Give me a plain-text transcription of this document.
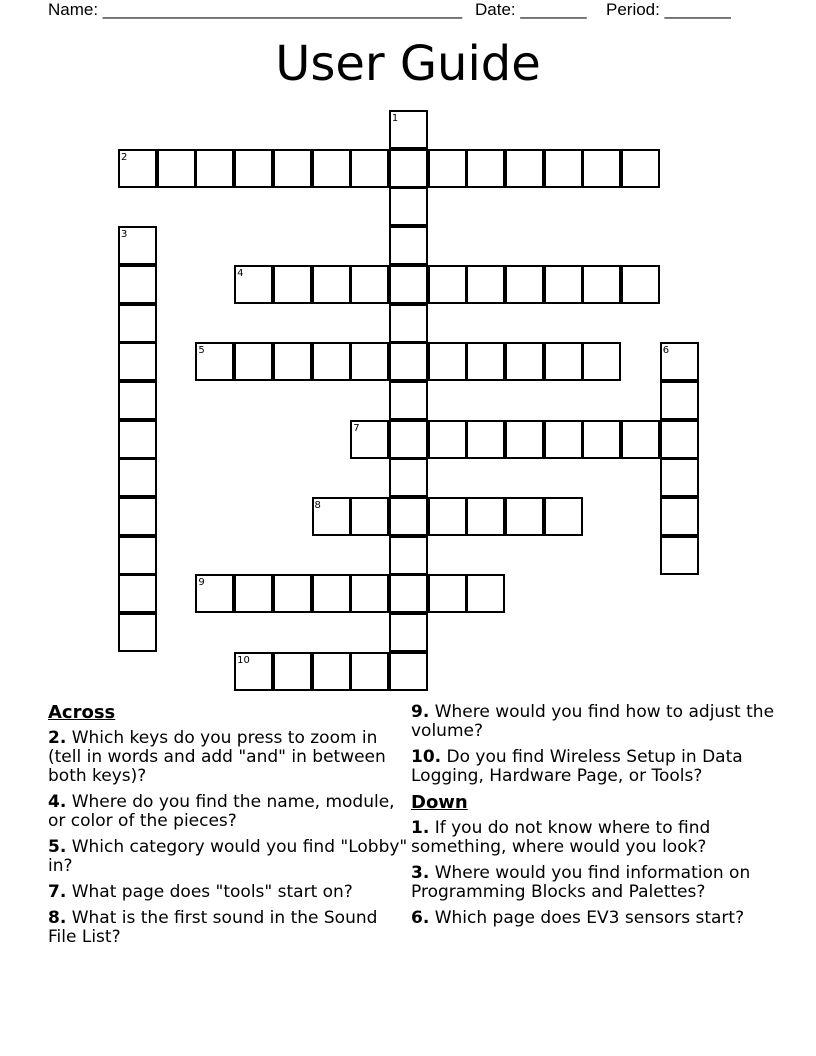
Name: ______________________________________ Date: _______ Period: _______
User Guide
2
4
5
7
8
9
10
1
3
6
Across
2. Which keys do you press to zoom in (tell in words and add "and" in between both keys)?
4. Where do you find the name, module, or color of the pieces?
5. Which category would you find "Lobby" in?
7. What page does "tools" start on?
8. What is the first sound in the Sound File List?
9. Where would you find how to adjust the volume?
10. Do you find Wireless Setup in Data Logging, Hardware Page, or Tools?
Down
1. If you do not know where to find something, where would you look?
3. Where would you find information on Programming Blocks and Palettes?
6. Which page does EV3 sensors start?
